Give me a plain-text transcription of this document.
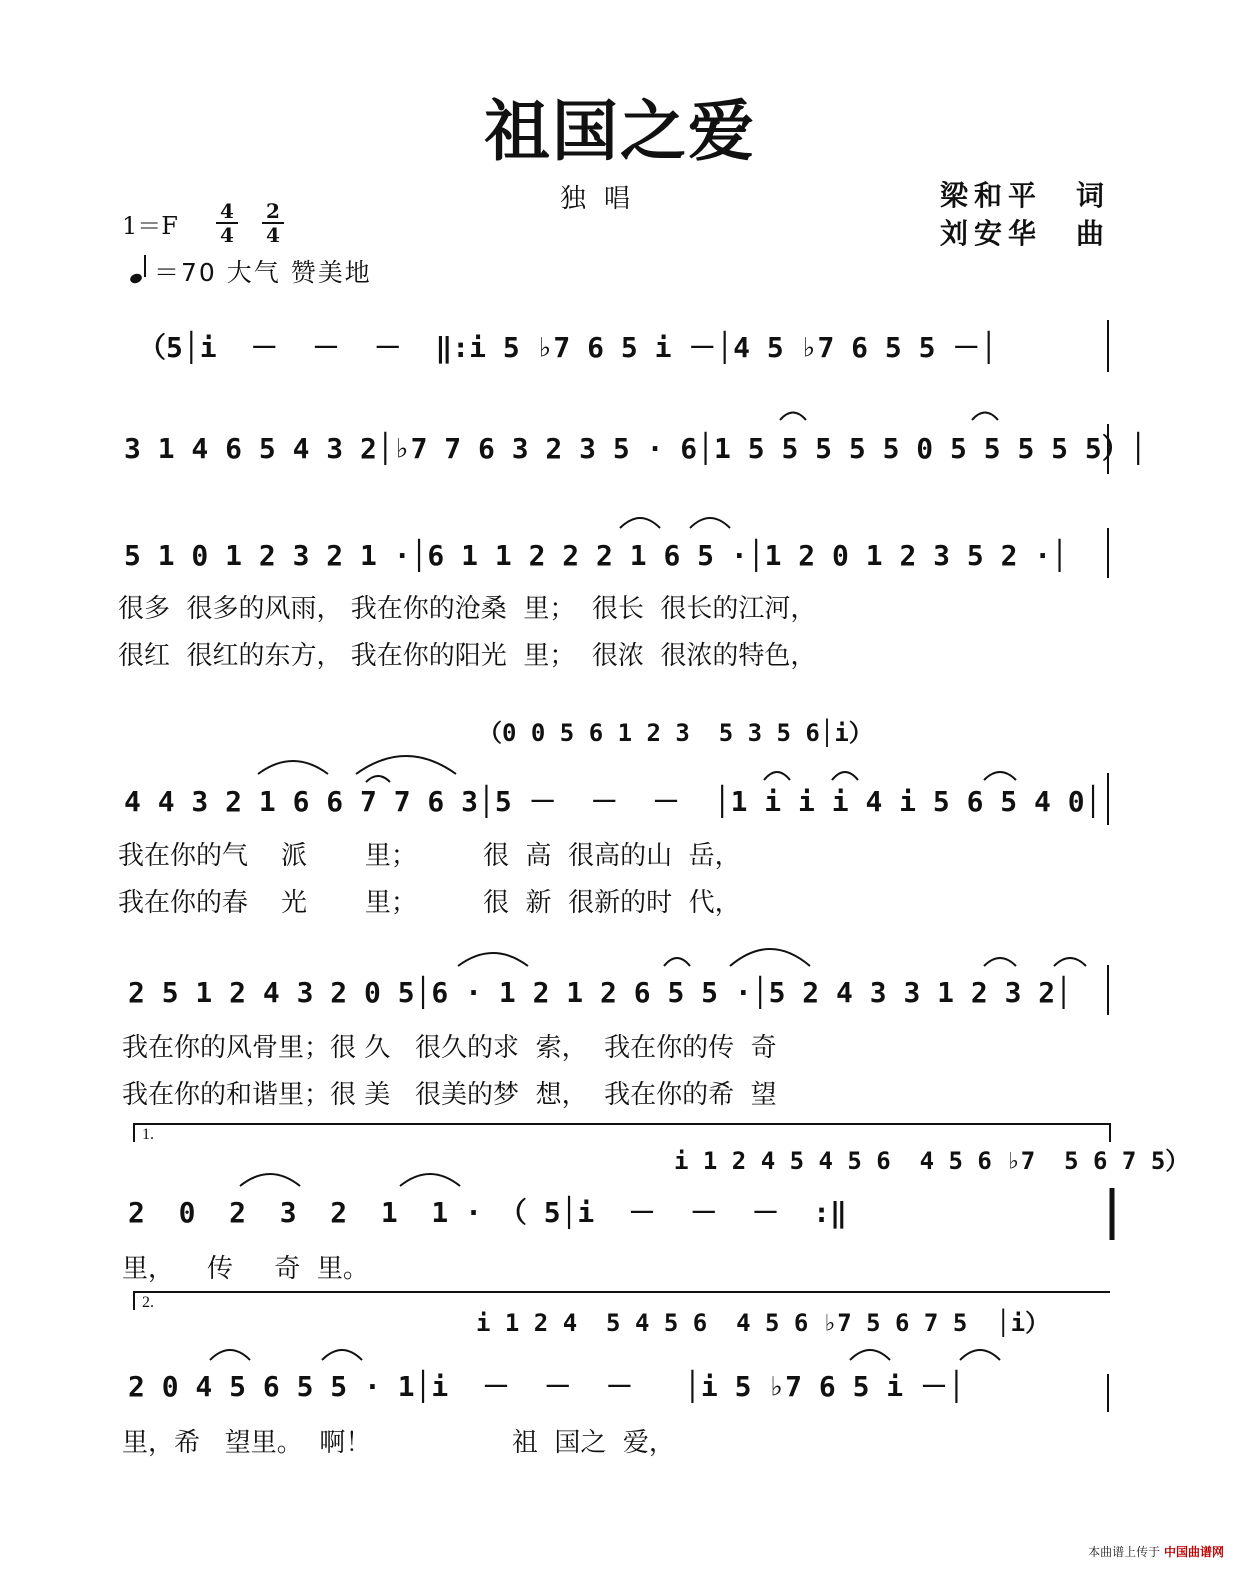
祖国之爱
独唱	梁和平　词
刘安华　曲
1＝F
4
4
2
4
＝70 大气 赞美地
（5│i  －  －  －  ‖:i 5 ♭7 6 5 i －│4 5 ♭7 6 5 5 －│
3 1 4 6 5 4 3 2│♭7 7 6 3 2 3 5 · 6│1 5 5 5 5 5 0 5 5 5 5 5）│
5 1 0 1 2 3 2 1 ·│6 1 1 2 2 2 1 6 5 ·│1 2 0 1 2 3 5 2 ·│
很多  很多的风雨， 我在你的沧桑  里；  很长  很长的江河，
很红  很红的东方， 我在你的阳光  里；  很浓  很浓的特色，
（0 0 5 6 1 2 3  5 3 5 6│i）
4 4 3 2 1 6 6 7 7 6 3│5 －  －  －  │1 i i i 4 i 5 6 5 4 0│
我在你的气    派       里；        很  高  很高的山  岳，
我在你的春    光       里；        很  新  很新的时  代，
2 5 1 2 4 3 2 0 5│6 · 1 2 1 2 6 5 5 ·│5 2 4 3 3 1 2 3 2│
我在你的风骨里；很 久   很久的求  索，  我在你的传  奇
我在你的和谐里；很 美   很美的梦  想，  我在你的希  望
1.
i 1 2 4 5 4 5 6  4 5 6 ♭7  5 6 7 5）
2  0  2  3  2  1  1 · （ 5│i  －  －  －  :‖
里，    传     奇  里。
2.
i 1 2 4  5 4 5 6  4 5 6 ♭7 5 6 7 5  │i）
2 0 4 5 6 5 5 · 1│i  －  －  －   │i 5 ♭7 6 5 i －│
里，希   望里。  啊！                 祖  国之  爱，
本曲谱上传于 中国曲谱网
